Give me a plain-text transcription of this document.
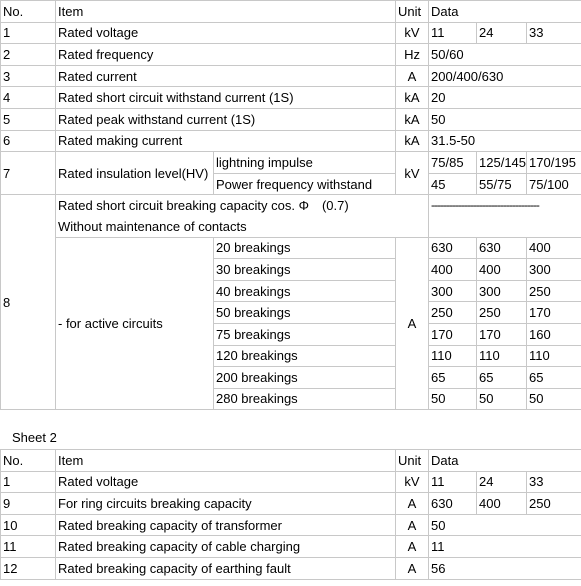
No.	Item		Unit	Data		
1	Rated voltage		kV	11	24	33
2	Rated frequency		Hz	50/60		
3	Rated current		A	200/400/630		
4	Rated short circuit withstand current (1S)		kA	20		
5	Rated peak withstand current (1S)		kA	50		
6	Rated making current		kA	31.5-50		
7	Rated insulation level(HV)	lightning impulse	kV	75/85	125/145	170/195
		Power frequency withstand		45	55/75	75/100
8	Rated short circuit breaking capacity cos. Φ　(0.7)			------------------------------------		
	Without maintenance of contacts					
	- for active circuits	20 breakings	A	630	630	400
		30 breakings		400	400	300
		40 breakings		300	300	250
		50 breakings		250	250	170
		75 breakings		170	170	160
		120 breakings		110	110	110
		200 breakings		65	65	65
		280 breakings		50	50	50
Sheet 2
No.	Item	Unit	Data		
1	Rated voltage	kV	11	24	33
9	For ring circuits breaking capacity	A	630	400	250
10	Rated breaking capacity of transformer	A	50		
11	Rated breaking capacity of cable charging	A	11		
12	Rated breaking capacity of earthing fault	A	56		
